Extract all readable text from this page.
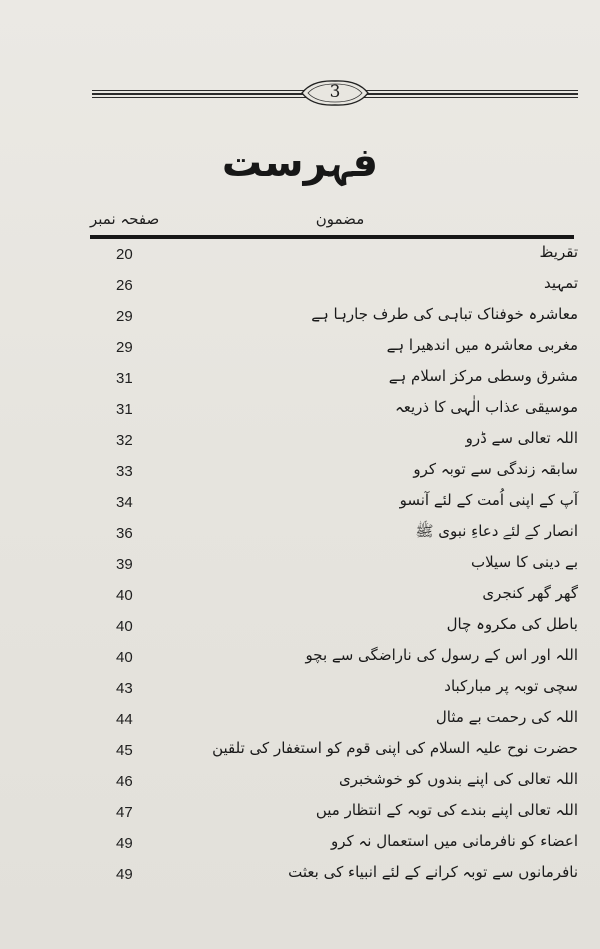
3
فہرست
مضمون
صفحہ نمبر
تقریظ
20
تمہید
26
معاشرہ خوفناک تباہی کی طرف جارہا ہے
29
مغربی معاشرہ میں اندھیرا ہے
29
مشرق وسطی مرکز اسلام ہے
31
موسیقی عذاب الٰہی کا ذریعہ
31
اللہ تعالی سے ڈرو
32
سابقہ زندگی سے توبہ کرو
33
آپ کے اپنی اُمت کے لئے آنسو
34
انصار کے لئے دعاءِ نبوی ﷺ
36
بے دینی کا سیلاب
39
گھر گھر کنجری
40
باطل کی مکروہ چال
40
اللہ اور اس کے رسول کی ناراضگی سے بچو
40
سچی توبہ پر مبارکباد
43
اللہ کی رحمت بے مثال
44
حضرت نوح علیہ السلام کی اپنی قوم کو استغفار کی تلقین
45
اللہ تعالی کی اپنے بندوں کو خوشخبری
46
اللہ تعالی اپنے بندے کی توبہ کے انتظار میں
47
اعضاء کو نافرمانی میں استعمال نہ کرو
49
نافرمانوں سے توبہ کرانے کے لئے انبیاء کی بعثت
49
